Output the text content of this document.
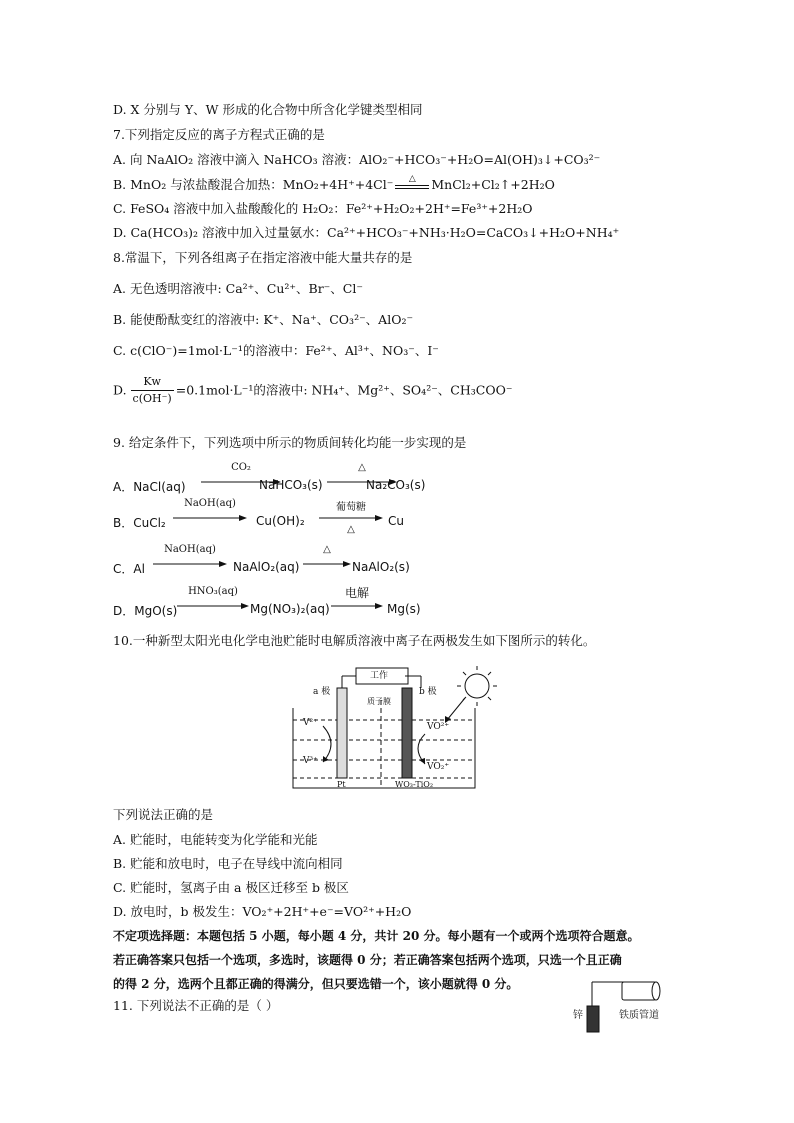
D. X 分别与 Y、W 形成的化合物中所含化学键类型相同
7.下列指定反应的离子方程式正确的是
A. 向 NaAlO₂ 溶液中滴入 NaHCO₃ 溶液：AlO₂⁻+HCO₃⁻+H₂O=Al(OH)₃↓+CO₃²⁻
B. MnO₂ 与浓盐酸混合加热：MnO₂+4H⁺+4Cl⁻	△	MnCl₂+Cl₂↑+2H₂O
C. FeSO₄ 溶液中加入盐酸酸化的 H₂O₂：Fe²⁺+H₂O₂+2H⁺=Fe³⁺+2H₂O
D. Ca(HCO₃)₂ 溶液中加入过量氨水：Ca²⁺+HCO₃⁻+NH₃·H₂O=CaCO₃↓+H₂O+NH₄⁺
8.常温下，下列各组离子在指定溶液中能大量共存的是
A. 无色透明溶液中: Ca²⁺、Cu²⁺、Br⁻、Cl⁻
B. 能使酚酞变红的溶液中: K⁺、Na⁺、CO₃²⁻、AlO₂⁻
C. c(ClO⁻)=1mol·L⁻¹的溶液中：Fe²⁺、Al³⁺、NO₃⁻、I⁻
D. $\frac{Kw}{c(OH^-)} =0.1mol\cdot L^{-1}$的溶液中: NH₄⁺、Mg²⁺、SO₄²⁻、CH₃COO⁻
9. 给定条件下，下列选项中所示的物质间转化均能一步实现的是
A．NaCl(aq)
CO₂
NaHCO₃(s)
△
Na₂CO₃(s)
B．CuCl₂
NaOH(aq)
Cu(OH)₂
葡萄糖
△
Cu
C．Al
NaOH(aq)
NaAlO₂(aq)
△
NaAlO₂(s)
D．MgO(s)
HNO₃(aq)
Mg(NO₃)₂(aq)
电解
Mg(s)
10.一种新型太阳光电化学电池贮能时电解质溶液中离子在两极发生如下图所示的转化。
工作
a 极	b 极
质子膜
V²⁺
V³⁺
VO²⁺
VO₂⁺
Pt	WO₃-TiO₂
下列说法正确的是
A. 贮能时，电能转变为化学能和光能
B. 贮能和放电时，电子在导线中流向相同
C. 贮能时，氢离子由 a 极区迁移至 b 极区
D. 放电时，b 极发生：VO₂⁺+2H⁺+e⁻=VO²⁺+H₂O
不定项选择题：本题包括 5 小题，每小题 4 分，共计 20 分。每小题有一个或两个选项符合题意。
若正确答案只包括一个选项，多选时，该题得 0 分；若正确答案包括两个选项，只选一个且正确
的得 2 分，选两个且都正确的得满分，但只要选错一个，该小题就得 0 分。
11. 下列说法不正确的是（ ）
锌	铁质管道
